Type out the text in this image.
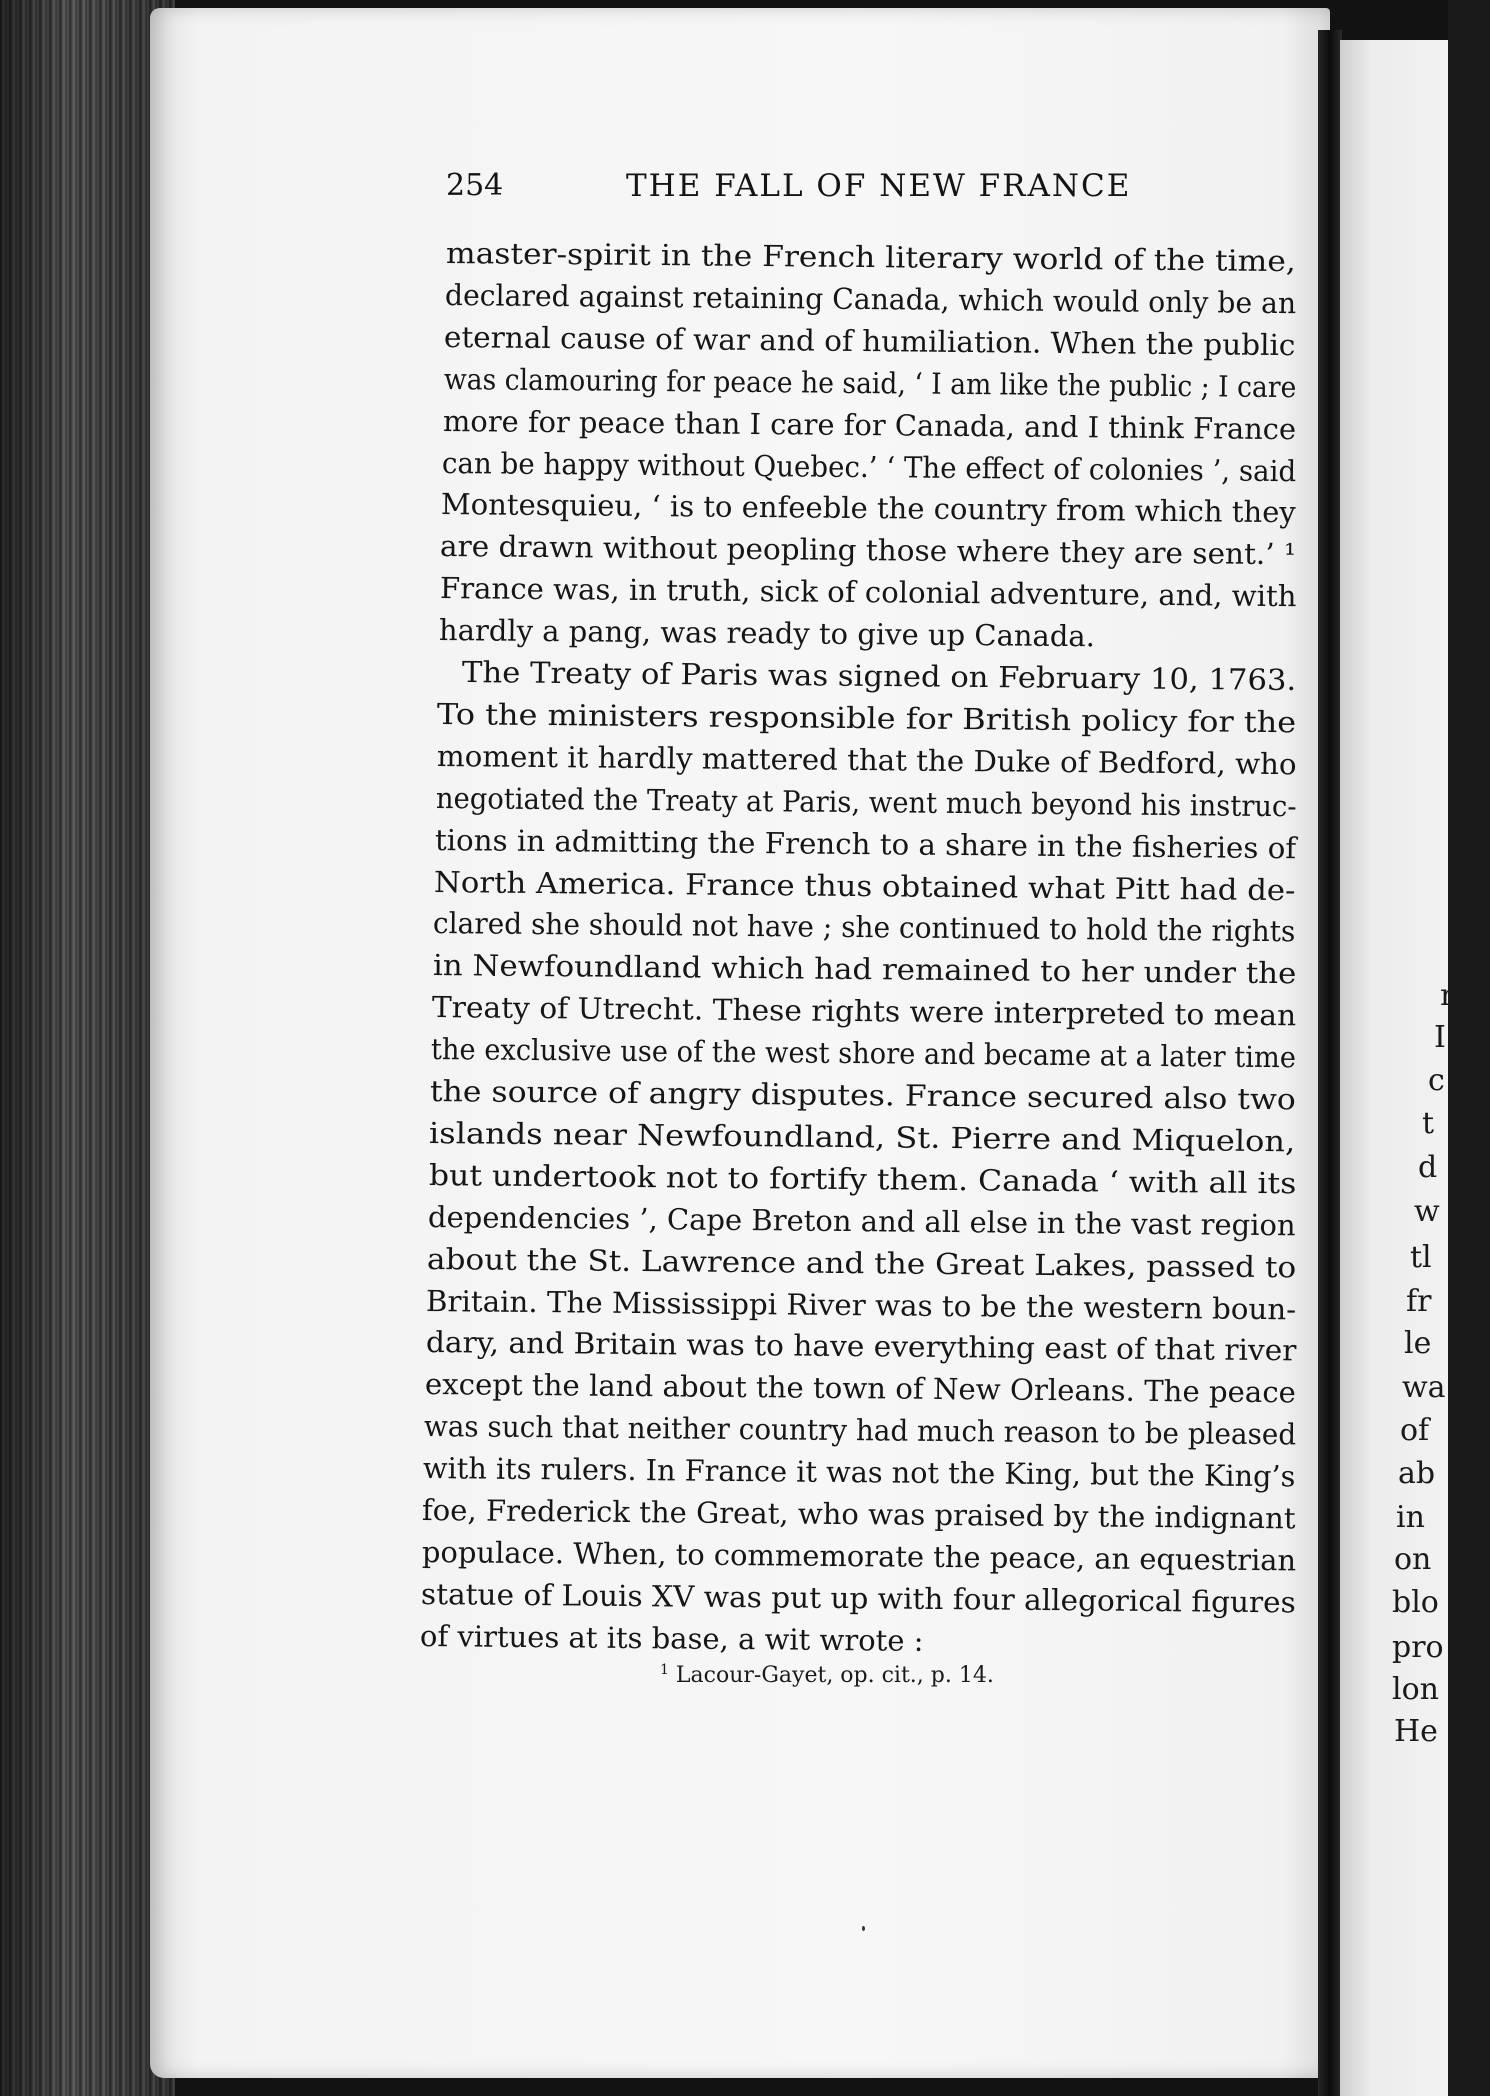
254	THE FALL OF NEW FRANCE
master-spirit in the French literary world of the time,
declared against retaining Canada, which would only be an
eternal cause of war and of humiliation. When the public
was clamouring for peace he said, ‘ I am like the public ; I care
more for peace than I care for Canada, and I think France
can be happy without Quebec.’ ‘ The effect of colonies ’, said
Montesquieu, ‘ is to enfeeble the country from which they
are drawn without peopling those where they are sent.’ ¹
France was, in truth, sick of colonial adventure, and, with
hardly a pang, was ready to give up Canada.
The Treaty of Paris was signed on February 10, 1763.
To the ministers responsible for British policy for the
moment it hardly mattered that the Duke of Bedford, who
negotiated the Treaty at Paris, went much beyond his instruc-
tions in admitting the French to a share in the fisheries of
North America. France thus obtained what Pitt had de-
clared she should not have ; she continued to hold the rights
in Newfoundland which had remained to her under the
Treaty of Utrecht. These rights were interpreted to mean
the exclusive use of the west shore and became at a later time
the source of angry disputes. France secured also two
islands near Newfoundland, St. Pierre and Miquelon,
but undertook not to fortify them. Canada ‘ with all its
dependencies ’, Cape Breton and all else in the vast region
about the St. Lawrence and the Great Lakes, passed to
Britain. The Mississippi River was to be the western boun-
dary, and Britain was to have everything east of that river
except the land about the town of New Orleans. The peace
was such that neither country had much reason to be pleased
with its rulers. In France it was not the King, but the King’s
foe, Frederick the Great, who was praised by the indignant
populace. When, to commemorate the peace, an equestrian
statue of Louis XV was put up with four allegorical figures
of virtues at its base, a wit wrote :
$^1$ Lacour-Gayet, op. cit., p. 14.
r
I
c
t
d
w
tl
fr
le
wa
of
ab
in
on
blo
pro
lon
He
